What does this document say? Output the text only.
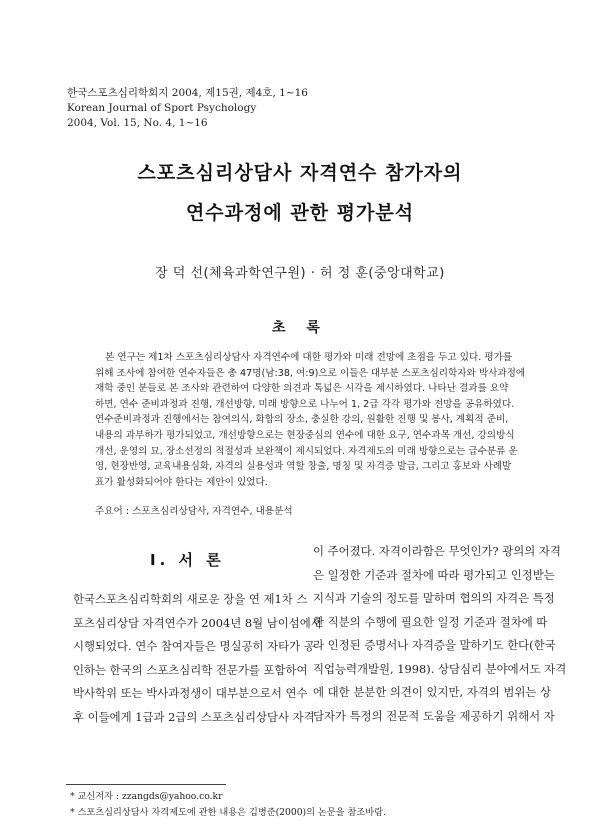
한국스포츠심리학회지 2004, 제15권, 제4호, 1~16
Korean Journal of Sport Psychology
2004, Vol. 15, No. 4, 1~16
스포츠심리상담사 자격연수 참가자의
연수과정에 관한 평가분석
장 덕 선(체육과학연구원) · 허 정 훈(중앙대학교)
초 록
본 연구는 제1차 스포츠심리상담사 자격연수에 대한 평가와 미래 전망에 초점을 두고 있다. 평가를
위해 조사에 참여한 연수자들은 총 47명(남:38, 여:9)으로 이들은 대부분 스포츠심리학자와 박사과정에
재학 중인 분들로 본 조사와 관련하여 다양한 의견과 톡넓은 시각을 제시하였다. 나타난 결과를 요약
하면, 연수 준비과정과 진행, 개선방향, 미래 방향으로 나누어 1, 2급 각각 평가와 전망을 공유하였다.
연수준비과정과 진행에서는 참여의식, 화합의 장소, 충실한 강의, 원활한 진행 및 봉사, 계획적 준비,
내용의 과부하가 평가되었고, 개선방향으로는 현장중심의 연수에 대한 요구, 연수과목 개선, 강의방식
개선, 운영의 묘, 장소선정의 적절성과 보완책이 제시되었다. 자격제도의 미래 방향으로는 급수분류 운
영, 현장반영, 교육내용심화, 자격의 실용성과 역할 창출, 명칭 및 자격증 발급, 그리고 홍보와 사례발
표가 활성화되어야 한다는 제안이 있었다.
주요어 : 스포츠심리상담사, 자격연수, 내용분석
Ⅰ. 서 론
한국스포츠심리학회의 새로운 장을 연 제1차 스
포츠심리상담 자격연수가 2004년 8월 남이섬에서
시행되었다. 연수 참여자들은 명실공히 자타가 공
인하는 한국의 스포츠심리학 전문가를 포함하여
박사학위 또는 박사과정생이 대부분으로서 연수
후 이들에게 1급과 2급의 스포츠심리상담사 자격
이 주어졌다. 자격이라함은 무엇인가? 광의의 자격
은 일정한 기준과 절차에 따라 평가되고 인정받는
지식과 기술의 정도를 말하며 협의의 자격은 특정
한 직분의 수행에 필요한 일정 기준과 절차에 따
라 인정된 증명서나 자격증을 말하기도 한다(한국
직업능력개발원, 1998). 상담심리 분야에서도 자격
에 대한 분분한 의견이 있지만, 자격의 범위는 상
담자가 특정의 전문적 도움을 제공하기 위해서 자
* 교신저자 : zzangds@yahoo.co.kr
* 스포츠심리상담사 자격제도에 관한 내용은 김병준(2000)의 논문을 참조바람.
